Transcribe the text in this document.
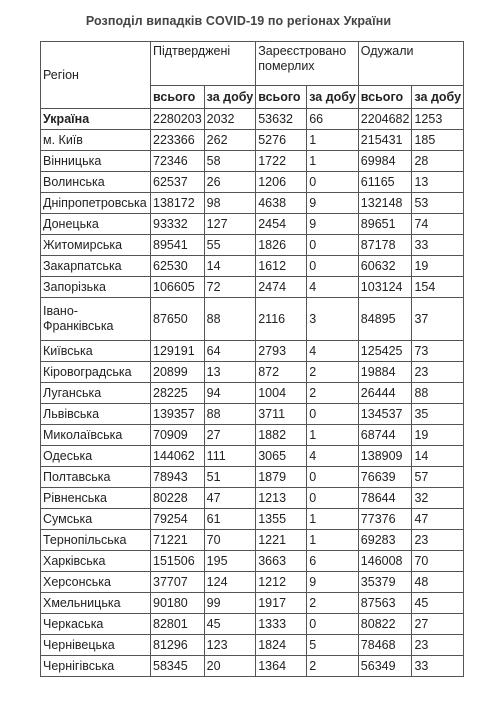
Розподіл випадків COVID-19 по регіонах України
Регіон	Підтверджені		Зареєстровано померлих		Одужали	
	всього	за добу	всього	за добу	всього	за добу
Україна	2280203	2032	53632	66	2204682	1253
м. Київ	223366	262	5276	1	215431	185
Вінницька	72346	58	1722	1	69984	28
Волинська	62537	26	1206	0	61165	13
Дніпропетровська	138172	98	4638	9	132148	53
Донецька	93332	127	2454	9	89651	74
Житомирська	89541	55	1826	0	87178	33
Закарпатська	62530	14	1612	0	60632	19
Запорізька	106605	72	2474	4	103124	154
Івано-Франківська	87650	88	2116	3	84895	37
Київська	129191	64	2793	4	125425	73
Кіровоградська	20899	13	872	2	19884	23
Луганська	28225	94	1004	2	26444	88
Львівська	139357	88	3711	0	134537	35
Миколаївська	70909	27	1882	1	68744	19
Одеська	144062	111	3065	4	138909	14
Полтавська	78943	51	1879	0	76639	57
Рівненська	80228	47	1213	0	78644	32
Сумська	79254	61	1355	1	77376	47
Тернопільська	71221	70	1221	1	69283	23
Харківська	151506	195	3663	6	146008	70
Херсонська	37707	124	1212	9	35379	48
Хмельницька	90180	99	1917	2	87563	45
Черкаська	82801	45	1333	0	80822	27
Чернівецька	81296	123	1824	5	78468	23
Чернігівська	58345	20	1364	2	56349	33
